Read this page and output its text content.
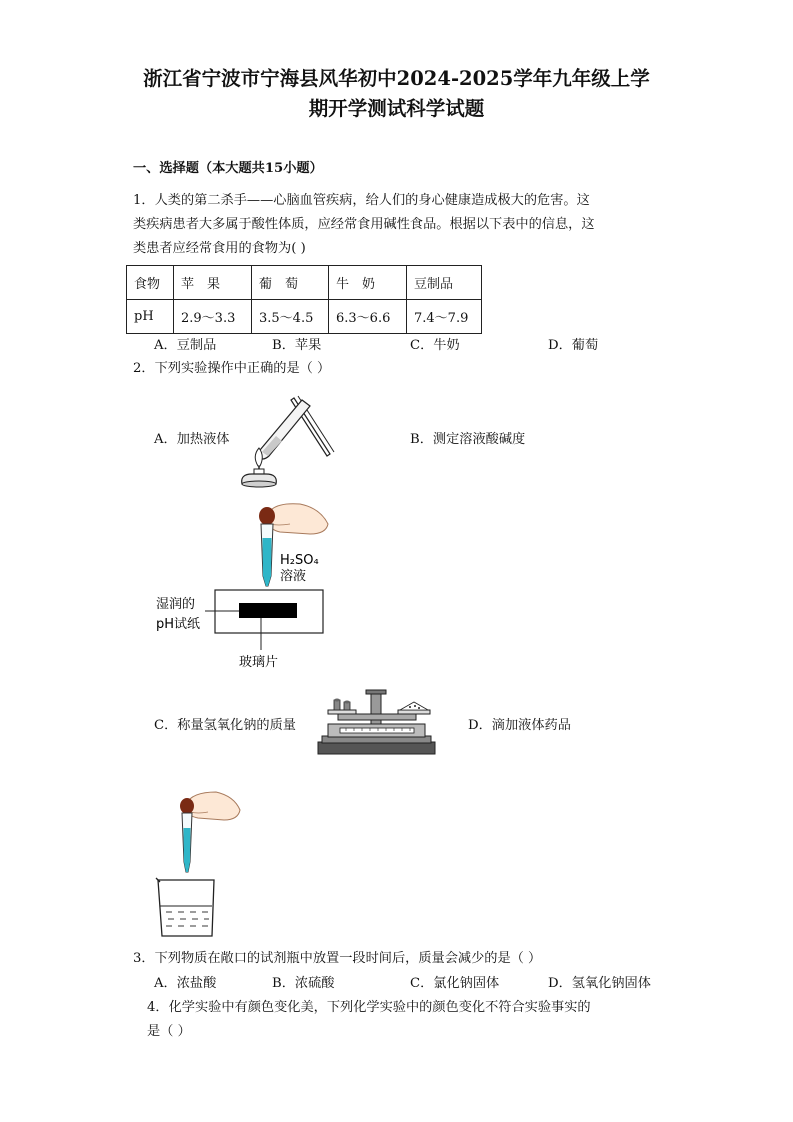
浙江省宁波市宁海县风华初中2024-2025学年九年级上学
期开学测试科学试题
一、选择题（本大题共15小题）
1．人类的第二杀手——心脑血管疾病，给人们的身心健康造成极大的危害。这
类疾病患者大多属于酸性体质，应经常食用碱性食品。根据以下表中的信息，这
类患者应经常食用的食物为( )
食物	苹　果	葡　萄	牛　奶	豆制品
pH	2.9～3.3	3.5～4.5	6.3～6.6	7.4～7.9
A．豆制品	B．苹果	C．牛奶	D．葡萄
2．下列实验操作中正确的是（ ）
A．加热液体	B．测定溶液酸碱度
H₂SO₄
溶液
湿润的
pH试纸
玻璃片
C．称量氢氧化钠的质量	D．滴加液体药品
3．下列物质在敞口的试剂瓶中放置一段时间后，质量会减少的是（ ）
A．浓盐酸	B．浓硫酸	C．氯化钠固体	D．氢氧化钠固体
4．化学实验中有颜色变化美，下列化学实验中的颜色变化不符合实验事实的
是（ ）
